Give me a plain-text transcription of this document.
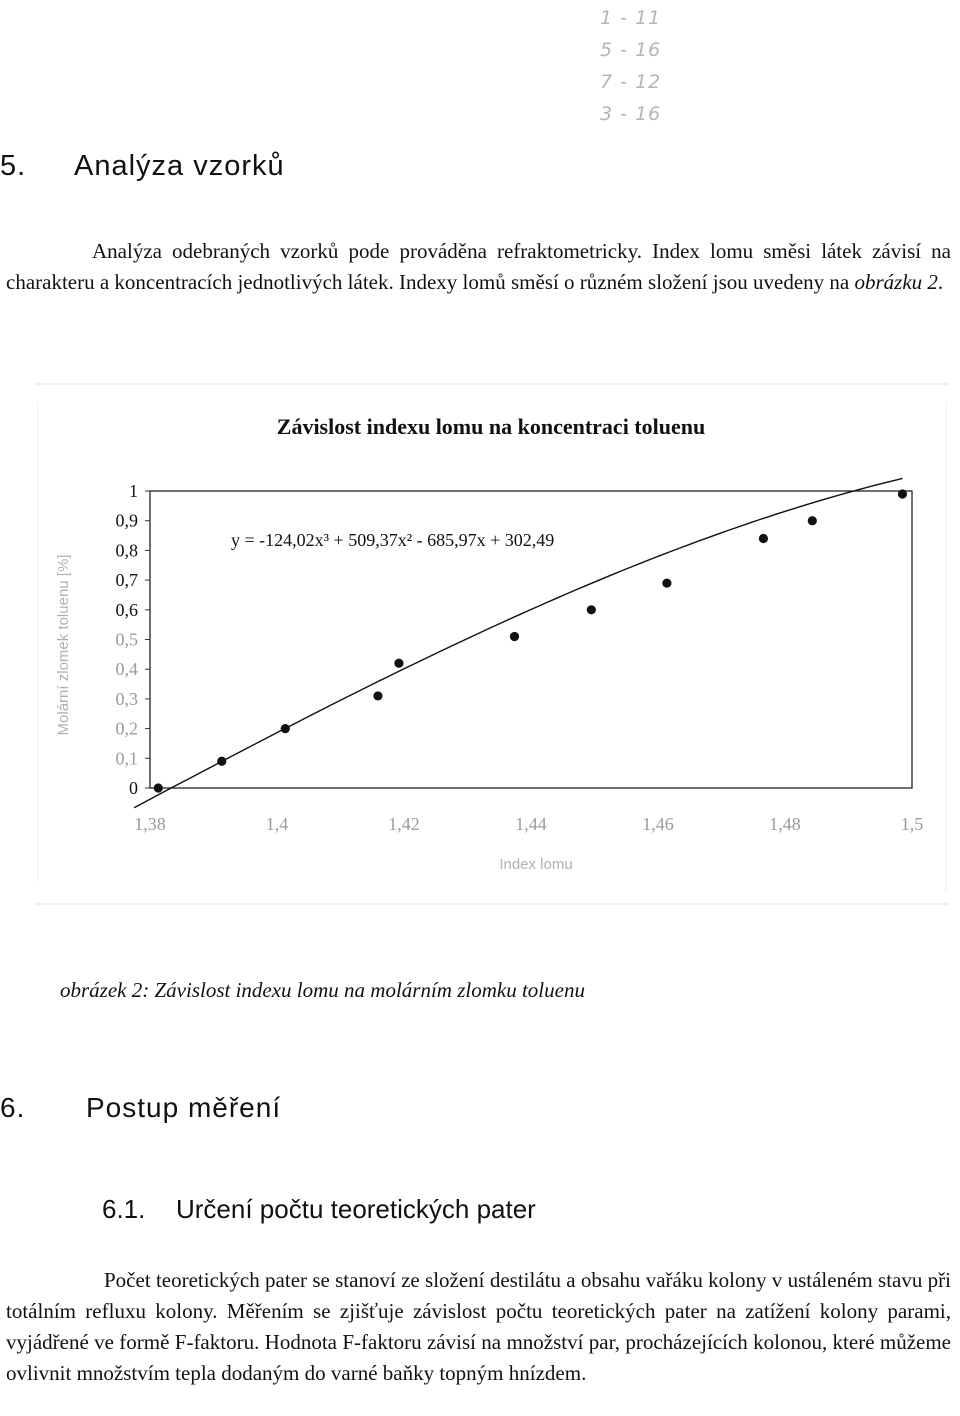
1 - 11
5 - 16
7 - 12
3 - 16
5. Analýza vzorků

Analýza odebraných vzorků pode prováděna refraktometricky. Index lomu směsi látek závisí na charakteru a koncentracích jednotlivých látek. Indexy lomů směsí o různém složení jsou uvedeny na obrázku 2.

Závislost indexu lomu na koncentraci toluenu
y = -124,02x³ + 509,37x² - 685,97x + 302,49
Molární zlomek toluenu [%]
Index lomu
0
0,1
0,2
0,3
0,4
0,5
0,6
0,7
0,8
0,9
1
1,38	1,4	1,42	1,44	1,46	1,48	1,5

obrázek 2: Závislost indexu lomu na molárním zlomku toluenu

6. Postup měření
6.1. Určení počtu teoretických pater

Počet teoretických pater se stanoví ze složení destilátu a obsahu vařáku kolony v ustáleném stavu při totálním refluxu kolony. Měřením se zjišťuje závislost počtu teoretických pater na zatížení kolony parami, vyjádřené ve formě F-faktoru. Hodnota F-faktoru závisí na množství par, procházejících kolonou, které můžeme ovlivnit množstvím tepla dodaným do varné baňky topným hnízdem.
